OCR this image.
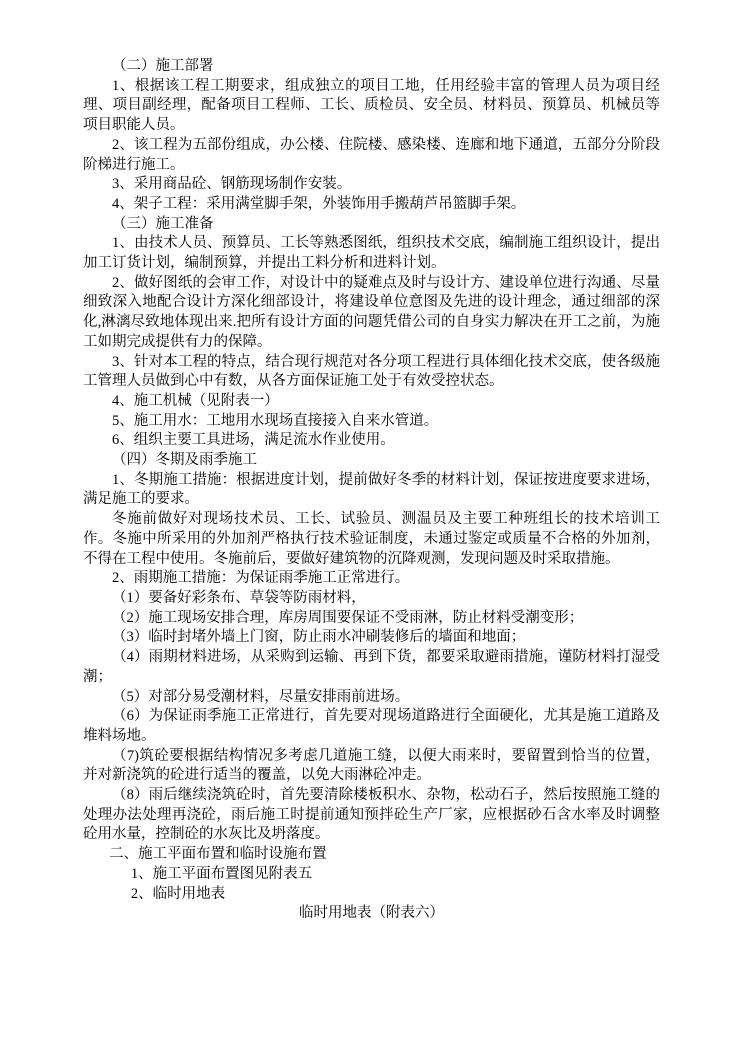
（二）施工部署

1、根据该工程工期要求，组成独立的项目工地，任用经验丰富的管理人员为项目经理、项目副经理，配备项目工程师、工长、质检员、安全员、材料员、预算员、机械员等项目职能人员。

2、该工程为五部份组成，办公楼、住院楼、感染楼、连廊和地下通道，五部分分阶段阶梯进行施工。

3、采用商品砼、钢筋现场制作安装。

4、架子工程：采用满堂脚手架，外装饰用手搬葫芦吊篮脚手架。

（三）施工准备

1、由技术人员、预算员、工长等熟悉图纸，组织技术交底，编制施工组织设计，提出加工订货计划，编制预算，并提出工料分析和进料计划。

2、做好图纸的会审工作，对设计中的疑难点及时与设计方、建设单位进行沟通、尽量细致深入地配合设计方深化细部设计，将建设单位意图及先进的设计理念，通过细部的深化,淋漓尽致地体现出来.把所有设计方面的问题凭借公司的自身实力解决在开工之前，为施工如期完成提供有力的保障。

3、针对本工程的特点，结合现行规范对各分项工程进行具体细化技术交底，使各级施工管理人员做到心中有数，从各方面保证施工处于有效受控状态。

4、施工机械（见附表一）

5、施工用水：工地用水现场直接接入自来水管道。

6、组织主要工具进场，满足流水作业使用。

（四）冬期及雨季施工

1、冬期施工措施：根据进度计划，提前做好冬季的材料计划，保证按进度要求进场，满足施工的要求。

冬施前做好对现场技术员、工长、试验员、测温员及主要工种班组长的技术培训工作。冬施中所采用的外加剂严格执行技术验证制度，未通过鉴定或质量不合格的外加剂，不得在工程中使用。冬施前后，要做好建筑物的沉降观测，发现问题及时采取措施。

2、雨期施工措施：为保证雨季施工正常进行。

（1）要备好彩条布、草袋等防雨材料，

（2）施工现场安排合理，库房周围要保证不受雨淋，防止材料受潮变形；

（3）临时封堵外墙上门窗，防止雨水冲刷装修后的墙面和地面；

（4）雨期材料进场，从采购到运输、再到下货，都要采取避雨措施，谨防材料打湿受潮；

（5）对部分易受潮材料，尽量安排雨前进场。

（6）为保证雨季施工正常进行，首先要对现场道路进行全面硬化，尤其是施工道路及堆料场地。

（7)筑砼要根据结构情况多考虑几道施工缝，以便大雨来时，要留置到恰当的位置，并对新浇筑的砼进行适当的覆盖，以免大雨淋砼冲走。

（8）雨后继续浇筑砼时，首先要清除楼板积水、杂物，松动石子，然后按照施工缝的处理办法处理再浇砼，雨后施工时提前通知预拌砼生产厂家，应根据砂石含水率及时调整砼用水量，控制砼的水灰比及坍落度。

二、施工平面布置和临时设施布置

1、施工平面布置图见附表五

2、临时用地表

临时用地表（附表六）
